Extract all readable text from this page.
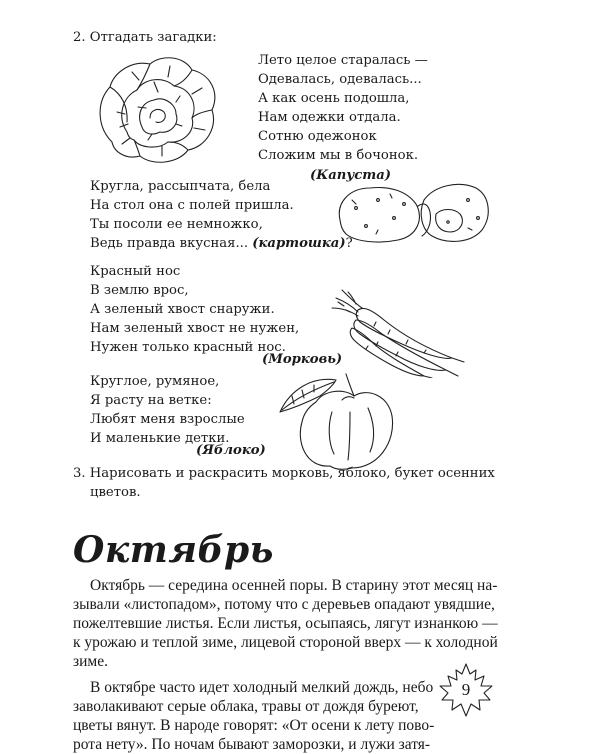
2. Отгадать загадки:
Лето целое старалась —
Одевалась, одевалась...
А как осень подошла,
Нам одежки отдала.
Сотню одежонок
Сложим мы в бочонок.
(Капуста)
Кругла, рассыпчата, бела
На стол она с полей пришла.
Ты посоли ее немножко,
Ведь правда вкусная... (картошка)?
Красный нос
В землю врос,
А зеленый хвост снаружи.
Нам зеленый хвост не нужен,
Нужен только красный нос.
(Морковь)
Круглое, румяное,
Я расту на ветке:
Любят меня взрослые
И маленькие детки.
(Яблоко)
3. Нарисовать и раскрасить морковь, яблоко, букет осенних
цветов.
Октябрь
Октябрь — середина осенней поры. В старину этот месяц на-
зывали «листопадом», потому что с деревьев опадают увядшие,
пожелтевшие листья. Если листья, осыпаясь, лягут изнанкою —
к урожаю и теплой зиме, лицевой стороной вверх — к холодной
зиме.
В октябре часто идет холодный мелкий дождь, небо
заволакивают серые облака, травы от дождя буреют,
цветы вянут. В народе говорят: «От осени к лету пово-
рота нету». По ночам бывают заморозки, и лужи затя-
9
